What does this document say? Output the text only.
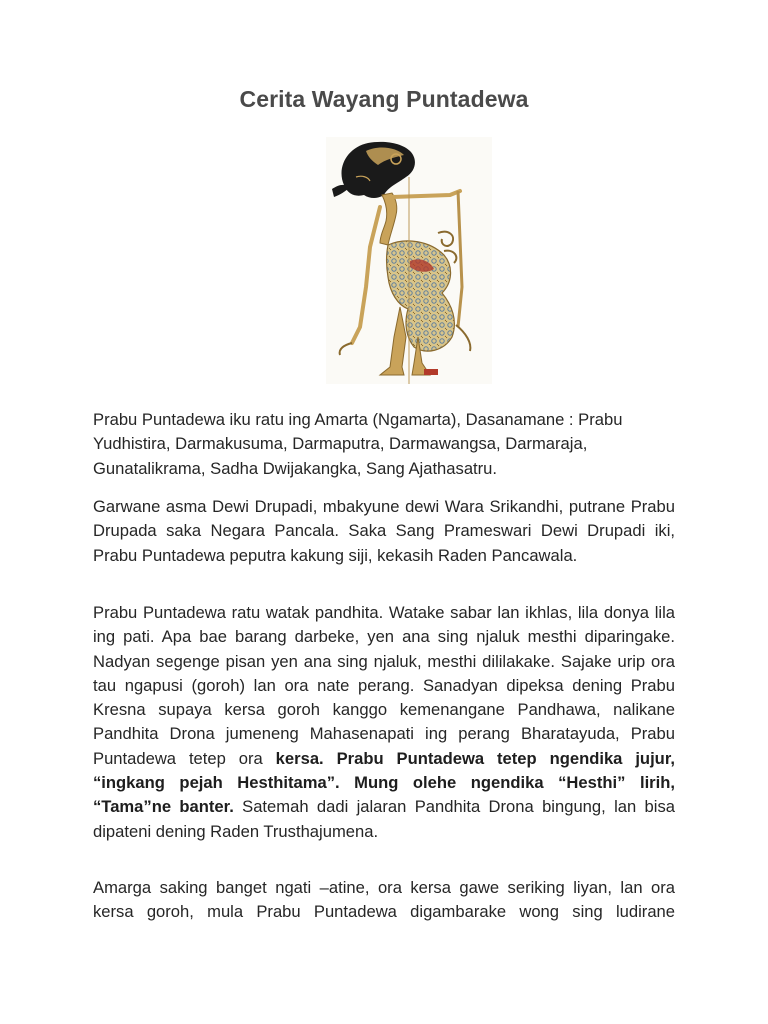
Cerita Wayang Puntadewa

Prabu Puntadewa iku ratu ing Amarta (Ngamarta), Dasanamane : Prabu Yudhistira, Darmakusuma, Darmaputra, Darmawangsa, Darmaraja, Gunatalikrama, Sadha Dwijakangka, Sang Ajathasatru.

Garwane asma Dewi Drupadi, mbakyune dewi Wara Srikandhi, putrane Prabu Drupada saka Negara Pancala. Saka Sang Prameswari Dewi Drupadi iki, Prabu Puntadewa peputra kakung siji, kekasih Raden Pancawala.

Prabu Puntadewa ratu watak pandhita. Watake sabar lan ikhlas, lila donya lila ing pati. Apa bae barang darbeke, yen ana sing njaluk mesthi diparingake. Nadyan segenge pisan yen ana sing njaluk, mesthi dililakake. Sajake urip ora tau ngapusi (goroh) lan ora nate perang. Sanadyan dipeksa dening Prabu Kresna supaya kersa goroh kanggo kemenangane Pandhawa, nalikane Pandhita Drona jumeneng Mahasenapati ing perang Bharatayuda, Prabu Puntadewa tetep ora kersa. Prabu Puntadewa tetep ngendika jujur, “ingkang pejah Hesthitama”. Mung olehe ngendika “Hesthi” lirih, “Tama”ne banter. Satemah dadi jalaran Pandhita Drona bingung, lan bisa dipateni dening Raden Trusthajumena.

Amarga saking banget ngati –atine, ora kersa gawe seriking liyan, lan ora kersa goroh, mula Prabu Puntadewa digambarake wong sing ludirane
